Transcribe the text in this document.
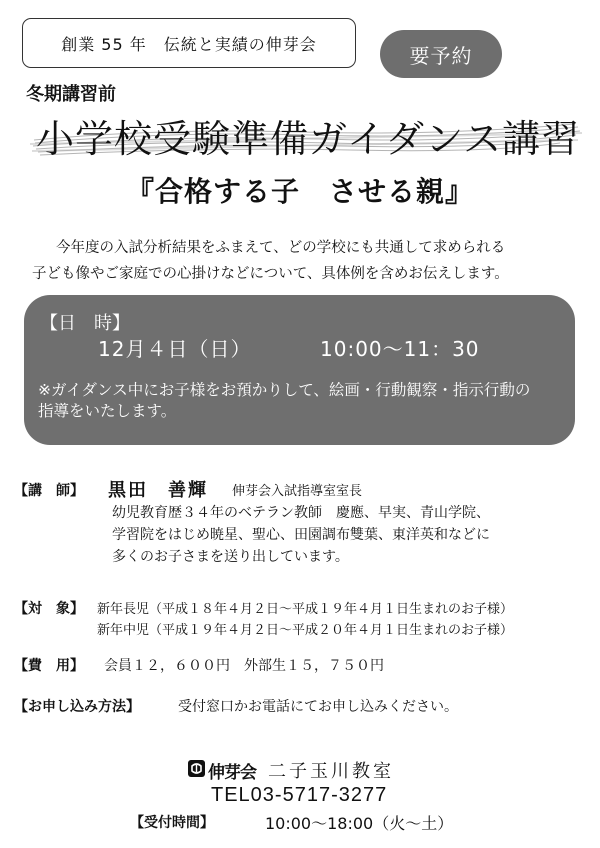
創業 55 年　伝統と実績の伸芽会	要予約
冬期講習前
小学校受験準備ガイダンス講習
『合格する子　させる親』
今年度の入試分析結果をふまえて、どの学校にも共通して求められる
子ども像やご家庭での心掛けなどについて、具体例を含めお伝えします。
【日　時】
12月４日（日）	10:00〜11：30
※ガイダンス中にお子様をお預かりして、絵画・行動観察・指示行動の
指導をいたします。
【講　師】 黒田　善輝 伸芽会入試指導室室長
幼児教育歴３４年のベテラン教師　慶應、早実、青山学院、
学習院をはじめ暁星、聖心、田園調布雙葉、東洋英和などに
多くのお子さまを送り出しています。
【対　象】 新年長児（平成１８年４月２日〜平成１９年４月１日生まれのお子様）
新年中児（平成１９年４月２日〜平成２０年４月１日生まれのお子様）
【費　用】 会員１２，６００円　外部生１５，７５０円
【お申し込み方法】	受付窓口かお電話にてお申し込みください。
伸芽会 二子玉川教室
TEL03-5717-3277
【受付時間】	10:00〜18:00（火〜土）
